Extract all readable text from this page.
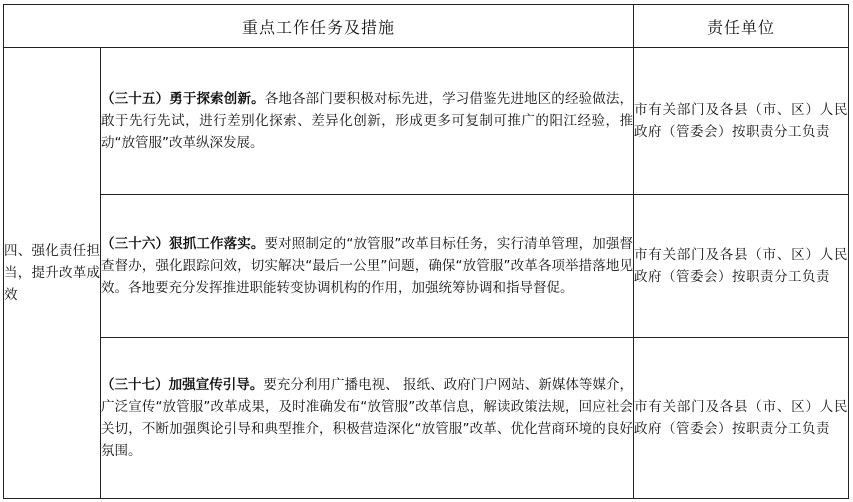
重点工作任务及措施		责任单位
四、强化责任担当，提升改革成效	（三十五）勇于探索创新。各地各部门要积极对标先进，学习借鉴先进地区的经验做法，敢于先行先试，进行差别化探索、差异化创新，形成更多可复制可推广的阳江经验，推动“放管服”改革纵深发展。	市有关部门及各县（市、区）人民政府（管委会）按职责分工负责
	（三十六）狠抓工作落实。要对照制定的“放管服”改革目标任务，实行清单管理，加强督查督办，强化跟踪问效，切实解决“最后一公里”问题，确保“放管服”改革各项举措落地见效。各地要充分发挥推进职能转变协调机构的作用，加强统筹协调和指导督促。	市有关部门及各县（市、区）人民政府（管委会）按职责分工负责
	（三十七）加强宣传引导。要充分利用广播电视、 报纸、政府门户网站、新媒体等媒介，广泛宣传“放管服”改革成果，及时准确发布“放管服”改革信息，解读政策法规，回应社会关切，不断加强舆论引导和典型推介，积极营造深化“放管服”改革、优化营商环境的良好氛围。	市有关部门及各县（市、区）人民政府（管委会）按职责分工负责
